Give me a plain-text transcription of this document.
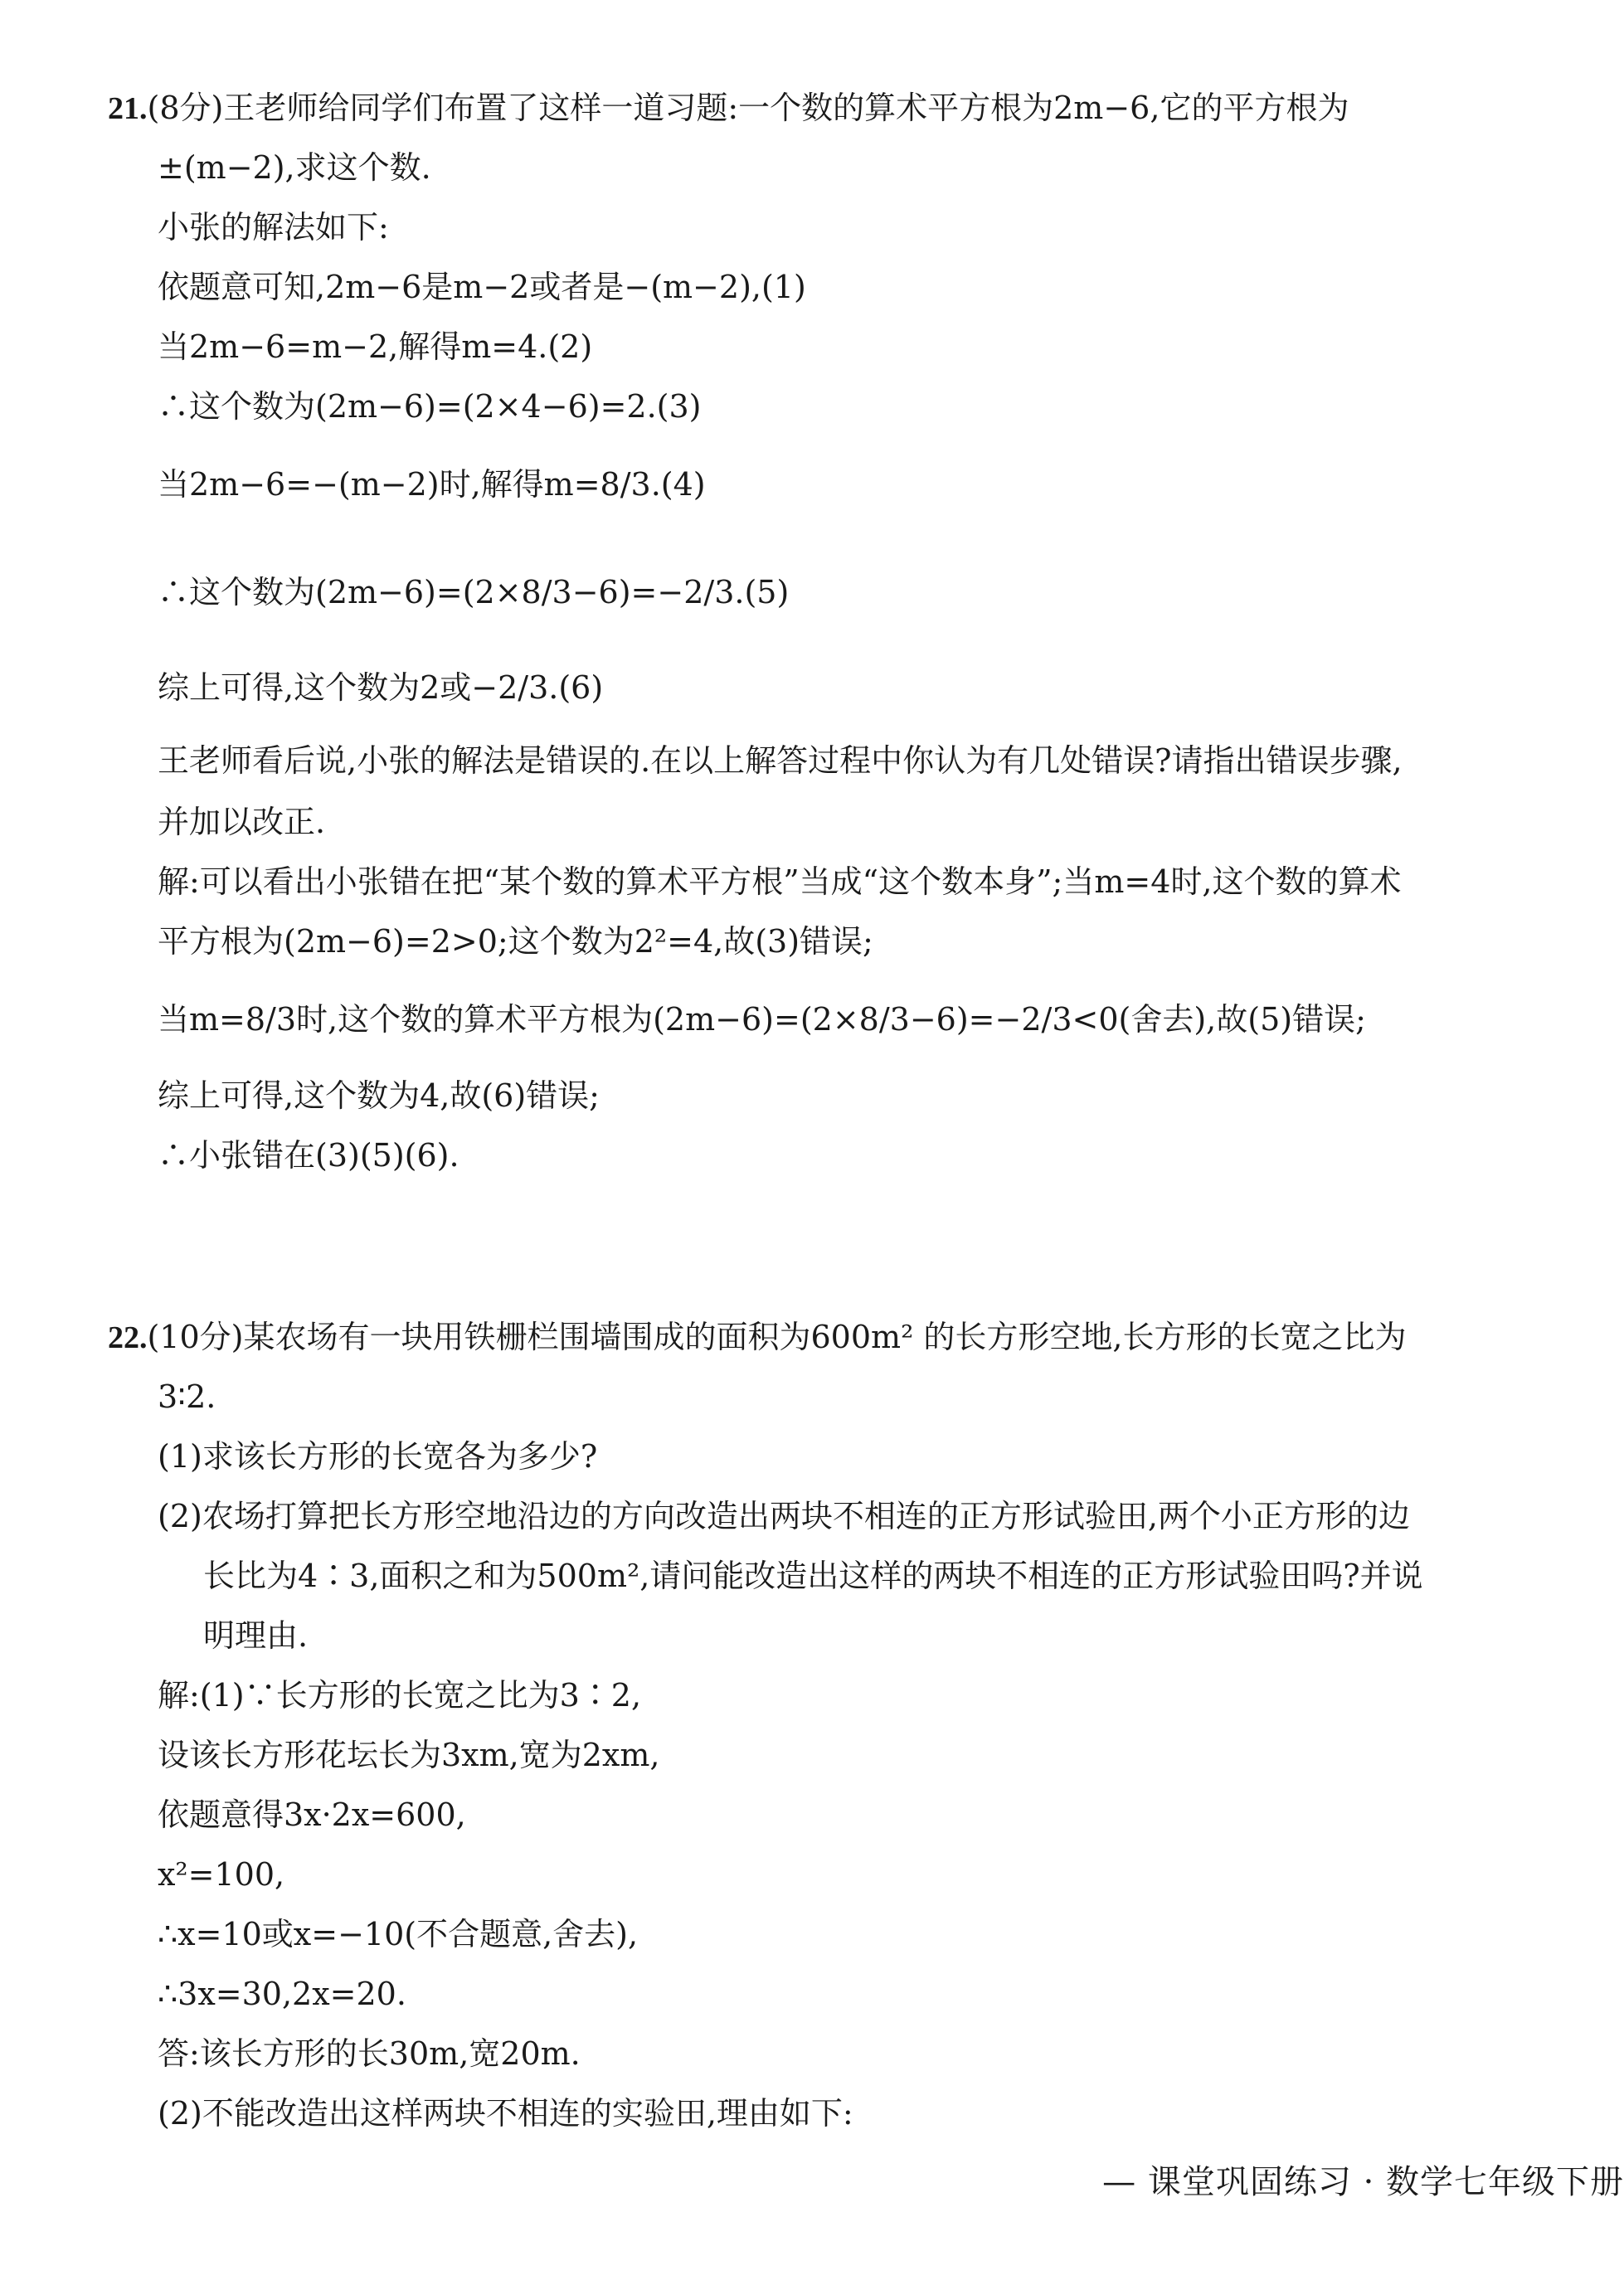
21.(8分)王老师给同学们布置了这样一道习题:一个数的算术平方根为2m−6,它的平方根为
±(m−2),求这个数.
小张的解法如下:
依题意可知,2m−6是m−2或者是−(m−2),(1)
当2m−6=m−2,解得m=4.(2)
∴这个数为(2m−6)=(2×4−6)=2.(3)
当2m−6=−(m−2)时,解得m=8/3.(4)
∴这个数为(2m−6)=(2×8/3−6)=−2/3.(5)
综上可得,这个数为2或−2/3.(6)
王老师看后说,小张的解法是错误的.在以上解答过程中你认为有几处错误?请指出错误步骤,
并加以改正.
解:可以看出小张错在把“某个数的算术平方根”当成“这个数本身”;当m=4时,这个数的算术
平方根为(2m−6)=2>0;这个数为2²=4,故(3)错误;
当m=8/3时,这个数的算术平方根为(2m−6)=(2×8/3−6)=−2/3<0(舍去),故(5)错误;
综上可得,这个数为4,故(6)错误;
∴小张错在(3)(5)(6).
22.(10分)某农场有一块用铁栅栏围墙围成的面积为600m² 的长方形空地,长方形的长宽之比为
3∶2.
(1)求该长方形的长宽各为多少?
(2)农场打算把长方形空地沿边的方向改造出两块不相连的正方形试验田,两个小正方形的边
长比为4∶3,面积之和为500m²,请问能改造出这样的两块不相连的正方形试验田吗?并说
明理由.
解:(1)∵长方形的长宽之比为3∶2,
设该长方形花坛长为3xm,宽为2xm,
依题意得3x·2x=600,
x²=100,
∴x=10或x=−10(不合题意,舍去),
∴3x=30,2x=20.
答:该长方形的长30m,宽20m.
(2)不能改造出这样两块不相连的实验田,理由如下:
— 课堂巩固练习 · 数学七年级下册
